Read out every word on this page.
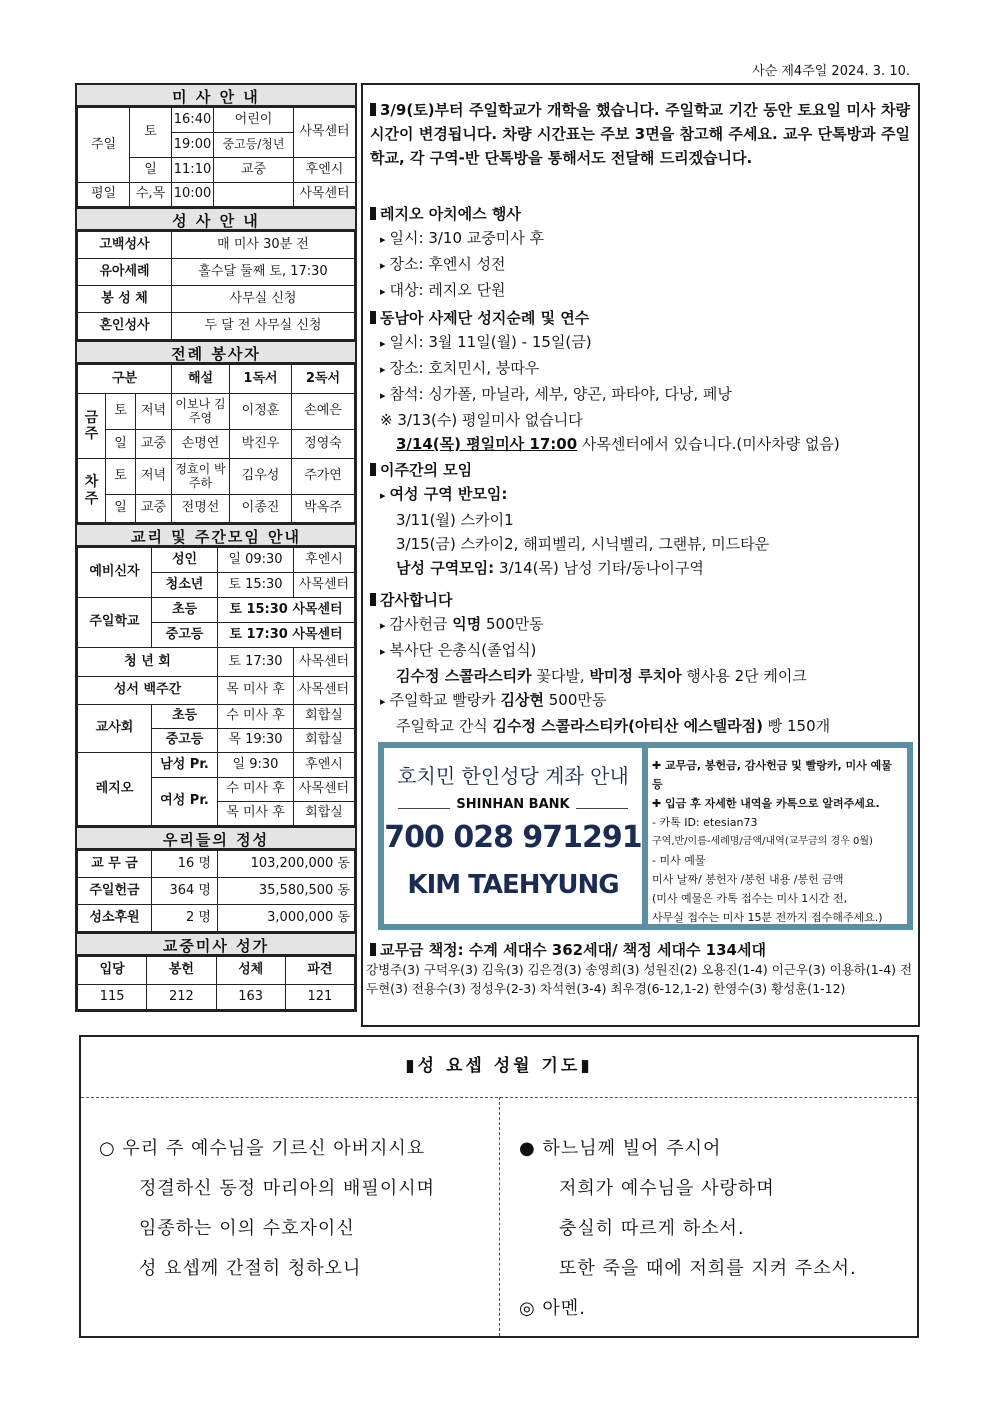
사순 제4주일 2024. 3. 10.
미 사 안 내
주일	토	16:40	어린이	사목센터
		19:00	중고등/청년	
	일	11:10	교중	후엔시
평일	수,목	10:00		사목센터
성 사 안 내
고백성사	매 미사 30분 전
유아세례	홀수달 둘째 토, 17:30
봉 성 체	사무실 신청
혼인성사	두 달 전 사무실 신청
전례 봉사자
구분			해설	1독서	2독서
금주	토	저녁	이보나 김주영	이정훈	손예은
	일	교중	손명연	박진우	정영숙
차주	토	저녁	정효이 박주하	김우성	주가연
	일	교중	전명선	이종진	박옥주
교리 및 주간모임 안내
예비신자	성인	일 09:30	후엔시
	청소년	토 15:30	사목센터
주일학교	초등	토 15:30 사목센터	
	중고등	토 17:30 사목센터	
청 년 회		토 17:30	사목센터
성서 백주간		목 미사 후	사목센터
교사회	초등	수 미사 후	회합실
	중고등	목 19:30	회합실
레지오	남성 Pr.	일 9:30	후엔시
	여성 Pr.	수 미사 후	사목센터
		목 미사 후	회합실
우리들의 정성
교 무 금	16 명	103,200,000 동
주일헌금	364 명	35,580,500 동
성소후원	2 명	3,000,000 동
교중미사 성가
입당	봉헌	성체	파견
115	212	163	121
3/9(토)부터 주일학교가 개학을 했습니다. 주일학교 기간 동안 토요일 미사 차량 시간이 변경됩니다. 차량 시간표는 주보 3면을 참고해 주세요. 교우 단톡방과 주일학교, 각 구역-반 단톡방을 통해서도 전달해 드리겠습니다.
레지오 아치에스 행사
▸ 일시: 3/10 교중미사 후
▸ 장소: 후엔시 성전
▸ 대상: 레지오 단원
동남아 사제단 성지순례 및 연수
▸ 일시: 3월 11일(월) - 15일(금)
▸ 장소: 호치민시, 붕따우
▸ 참석: 싱가폴, 마닐라, 세부, 양곤, 파타야, 다낭, 페낭
※ 3/13(수) 평일미사 없습니다
3/14(목) 평일미사 17:00 사목센터에서 있습니다.(미사차량 없음)
이주간의 모임
▸ 여성 구역 반모임:
3/11(월) 스카이1
3/15(금) 스카이2, 해피벨리, 시닉벨리, 그랜뷰, 미드타운
남성 구역모임: 3/14(목) 남성 기타/동나이구역
감사합니다
▸ 감사헌금 익명 500만동
▸ 복사단 은총식(졸업식)
김수정 스콜라스티카 꽃다발, 박미정 루치아 행사용 2단 케이크
▸ 주일학교 빨랑카 김상현 500만동
주일학교 간식 김수정 스콜라스티카(아티산 에스텔라점) 빵 150개
호치민 한인성당 계좌 안내
SHINHAN BANK
700 028 971291
KIM TAEHYUNG
✚ 교무금, 봉헌금, 감사헌금 및 빨랑카, 미사 예물 등
✚ 입금 후 자세한 내역을 카톡으로 알려주세요.
- 카톡 ID: etesian73
구역,반/이름-세례명/금액/내역(교무금의 경우 0월)
- 미사 예물
미사 날짜/ 봉헌자 /봉헌 내용 /봉헌 금액
(미사 예물은 카톡 접수는 미사 1시간 전,
사무실 접수는 미사 15분 전까지 접수해주세요.)
교무금 책정: 수계 세대수 362세대/ 책정 세대수 134세대
강병주(3) 구덕우(3) 김욱(3) 김은경(3) 송영희(3) 성원진(2) 오용진(1-4) 이근우(3) 이용하(1-4) 전두현(3) 전용수(3) 정성우(2-3) 차석현(3-4) 최우경(6-12,1-2) 한영수(3) 황성훈(1-12)
▮성 요셉 성월 기도▮
○ 우리 주 예수님을 기르신 아버지시요
정결하신 동정 마리아의 배필이시며
임종하는 이의 수호자이신
성 요셉께 간절히 청하오니
● 하느님께 빌어 주시어
저희가 예수님을 사랑하며
충실히 따르게 하소서.
또한 죽을 때에 저희를 지켜 주소서.
◎ 아멘.
